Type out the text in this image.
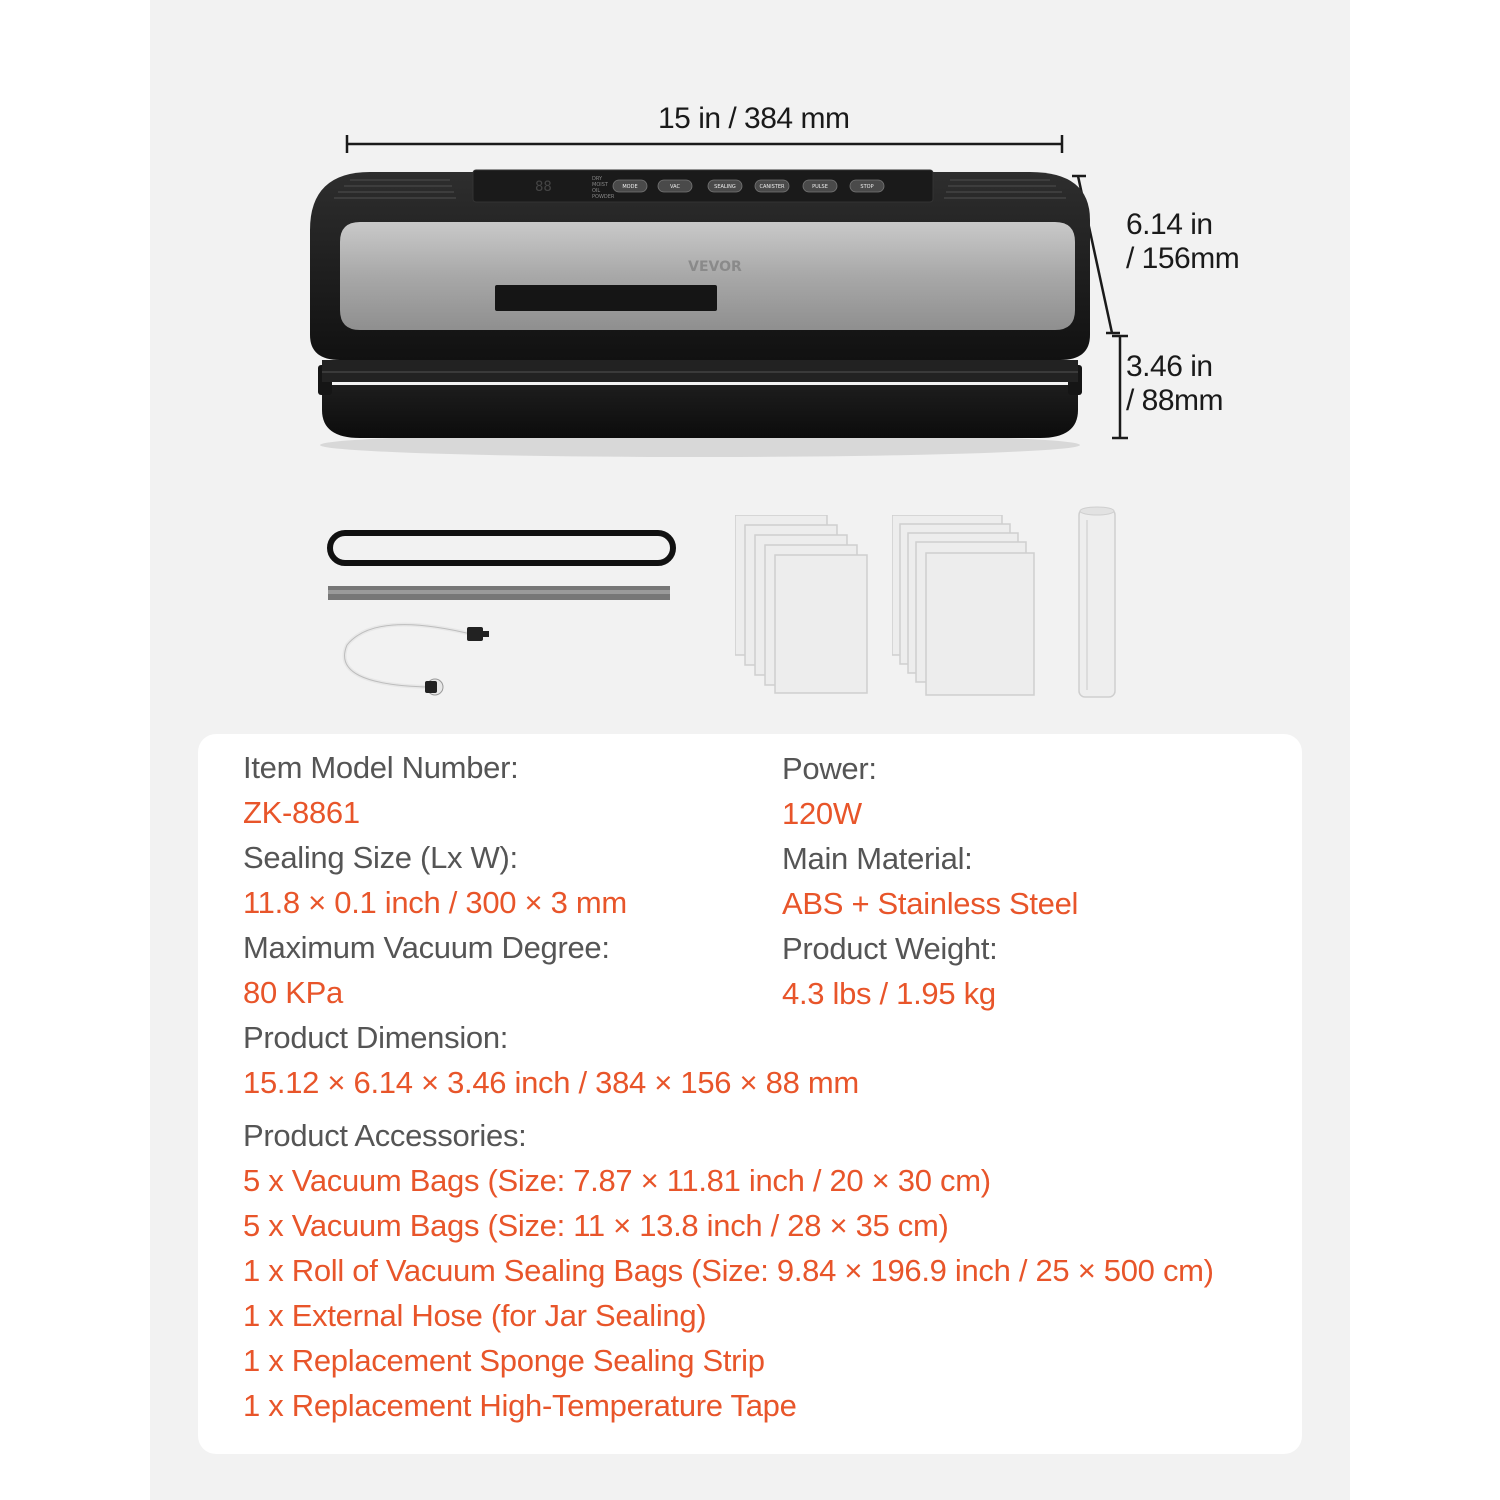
15 in / 384 mm
6.14 in
/ 156mm
3.46 in
/ 88mm
88	DRY
MOIST
OIL
POWDER
MODE	VAC	SEALING	CANISTER	PULSE	STOP
VEVOR
Item Model Number:
ZK-8861
Power:
120W
Sealing Size (Lx W):
11.8 × 0.1 inch / 300 × 3 mm
Main Material:
ABS + Stainless Steel
Maximum Vacuum Degree:
80 KPa
Product Weight:
4.3 lbs / 1.95 kg
Product Dimension:
15.12 × 6.14 × 3.46 inch / 384 × 156 × 88 mm
Product Accessories:
5 x Vacuum Bags (Size: 7.87 × 11.81 inch / 20 × 30 cm)
5 x Vacuum Bags (Size: 11 × 13.8 inch / 28 × 35 cm)
1 x Roll of Vacuum Sealing Bags (Size: 9.84 × 196.9 inch / 25 × 500 cm)
1 x External Hose (for Jar Sealing)
1 x Replacement Sponge Sealing Strip
1 x Replacement High-Temperature Tape
